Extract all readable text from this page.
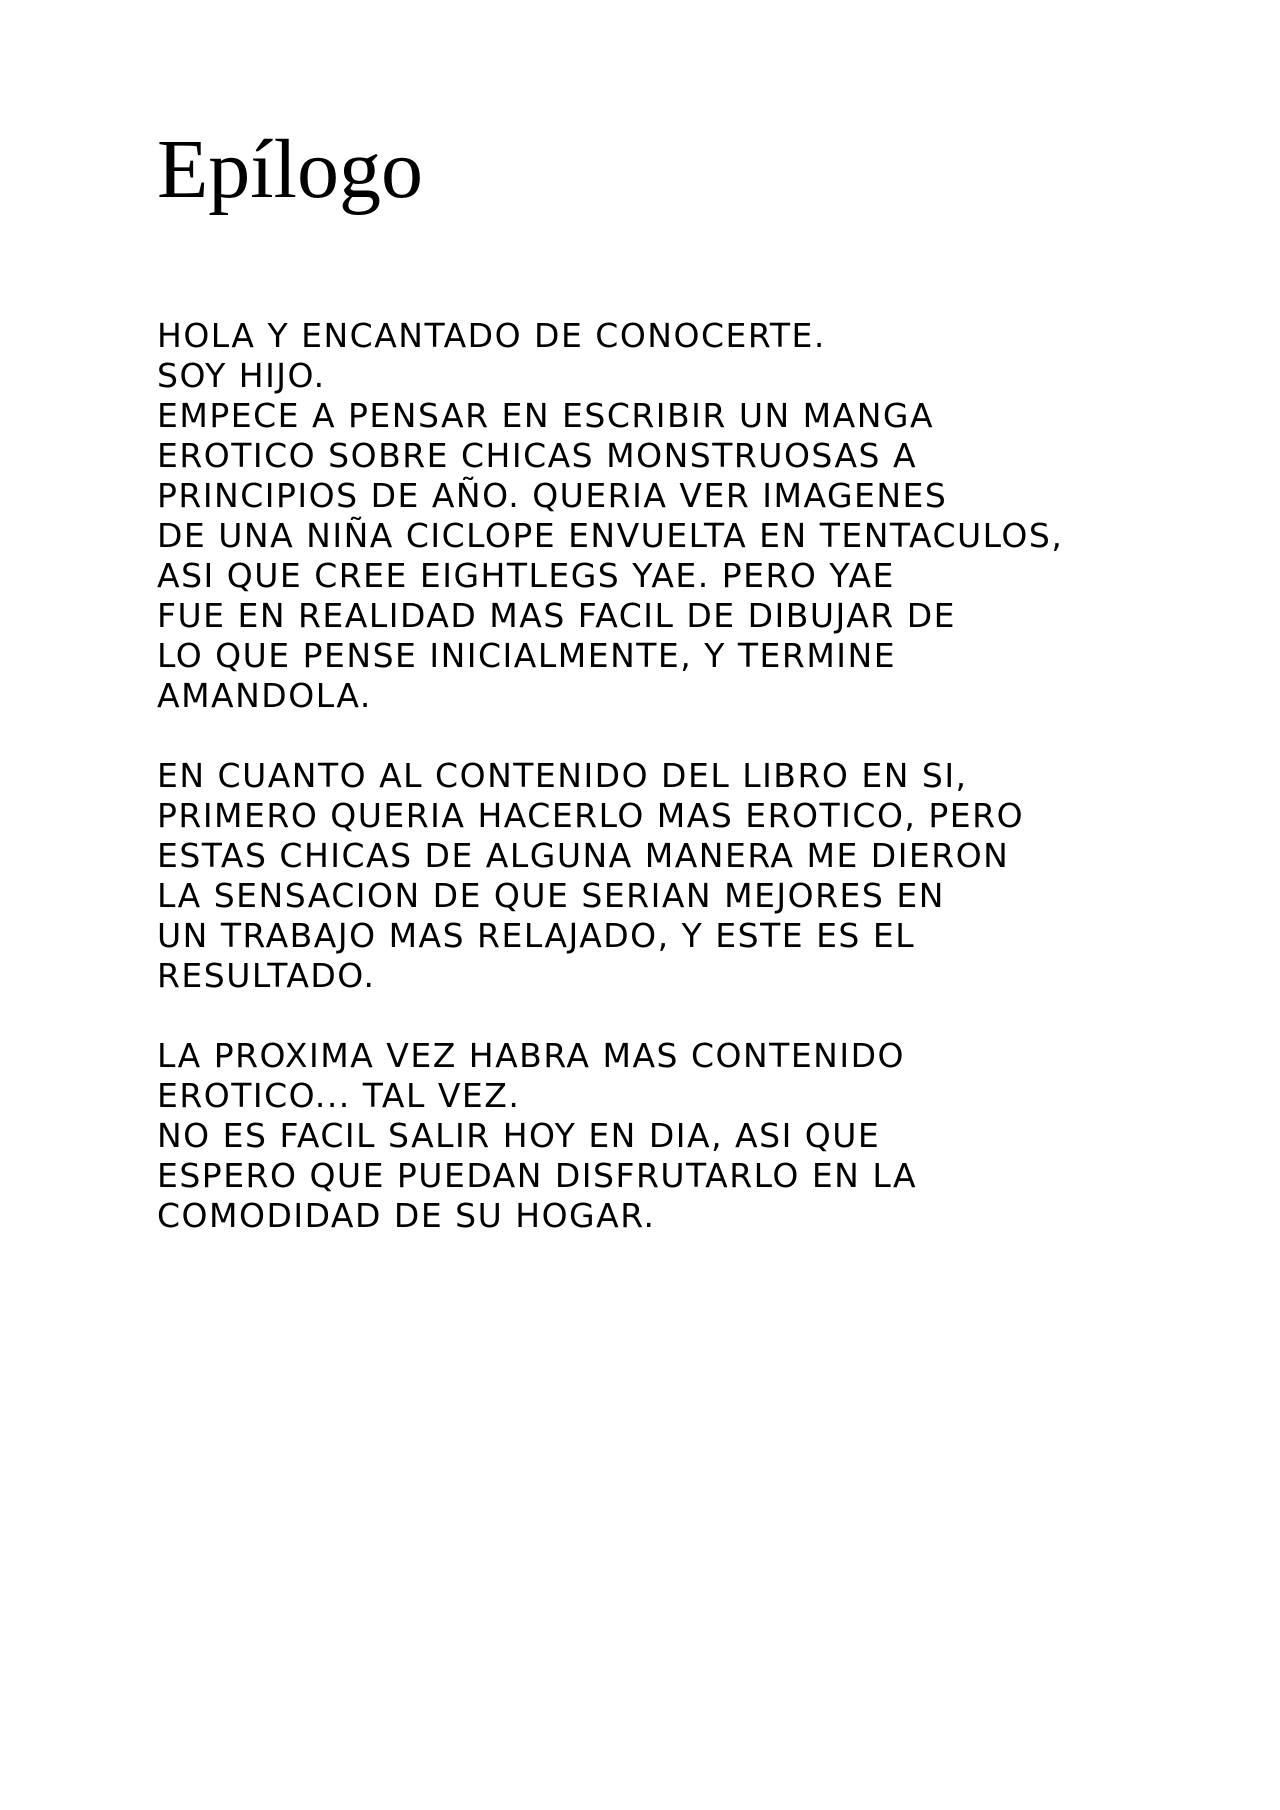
Epílogo
HOLA Y ENCANTADO DE CONOCERTE.
SOY HIJO.
EMPECE A PENSAR EN ESCRIBIR UN MANGA
EROTICO SOBRE CHICAS MONSTRUOSAS A
PRINCIPIOS DE AÑO. QUERIA VER IMAGENES
DE UNA NIÑA CICLOPE ENVUELTA EN TENTACULOS,
ASI QUE CREE EIGHTLEGS YAE. PERO YAE
FUE EN REALIDAD MAS FACIL DE DIBUJAR DE
LO QUE PENSE INICIALMENTE, Y TERMINE
AMANDOLA.
EN CUANTO AL CONTENIDO DEL LIBRO EN SI,
PRIMERO QUERIA HACERLO MAS EROTICO, PERO
ESTAS CHICAS DE ALGUNA MANERA ME DIERON
LA SENSACION DE QUE SERIAN MEJORES EN
UN TRABAJO MAS RELAJADO, Y ESTE ES EL
RESULTADO.
LA PROXIMA VEZ HABRA MAS CONTENIDO
EROTICO... TAL VEZ.
NO ES FACIL SALIR HOY EN DIA, ASI QUE
ESPERO QUE PUEDAN DISFRUTARLO EN LA
COMODIDAD DE SU HOGAR.
